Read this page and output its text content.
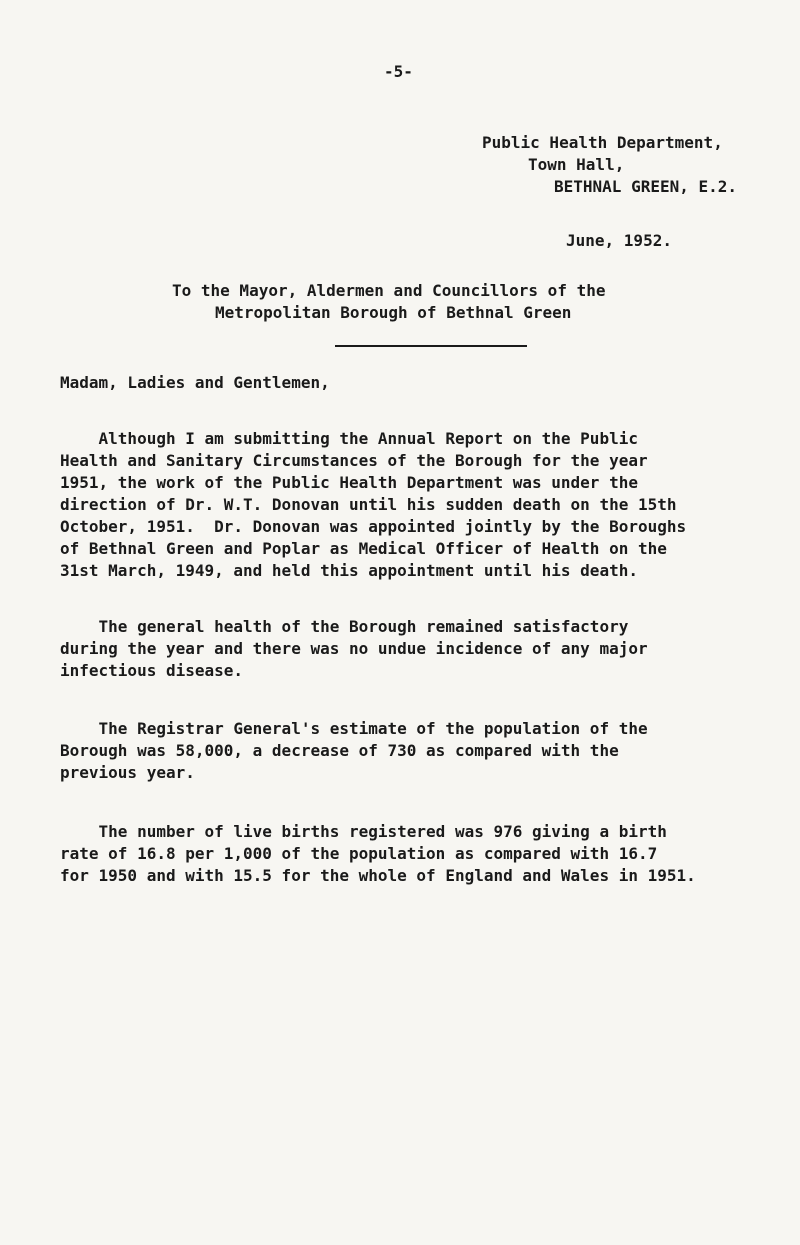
-5-
Public Health Department,
Town Hall,
BETHNAL GREEN, E.2.
June, 1952.
To the Mayor, Aldermen and Councillors of the
Metropolitan Borough of Bethnal Green
Madam, Ladies and Gentlemen,
Although I am submitting the Annual Report on the Public
Health and Sanitary Circumstances of the Borough for the year
1951, the work of the Public Health Department was under the
direction of Dr. W.T. Donovan until his sudden death on the 15th
October, 1951.  Dr. Donovan was appointed jointly by the Boroughs
of Bethnal Green and Poplar as Medical Officer of Health on the
31st March, 1949, and held this appointment until his death.
The general health of the Borough remained satisfactory
during the year and there was no undue incidence of any major
infectious disease.
The Registrar General's estimate of the population of the
Borough was 58,000, a decrease of 730 as compared with the
previous year.
The number of live births registered was 976 giving a birth
rate of 16.8 per 1,000 of the population as compared with 16.7
for 1950 and with 15.5 for the whole of England and Wales in 1951.
